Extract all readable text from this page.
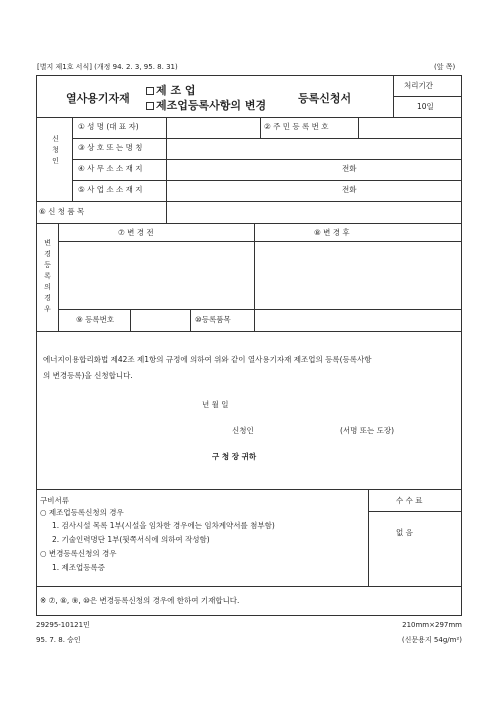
[별지 제1호 서식] (개정 94. 2. 3, 95. 8. 31)	(앞 쪽)
열사용기자재
제 조 업
제조업등록사항의 변경
등록신청서
처리기간
10일
신청인
① 성 명 (대 표 자)	② 주 민 등 록 번 호
③ 상 호 또 는 명 칭
④ 사 무 소 소 재 지	전화
⑤ 사 업 소 소 재 지	전화
⑥ 신 청 품 목
변경등록의경우
⑦ 변 경 전	⑧ 변 경 후
⑨ 등록번호	⑩등록품목
에너지이용합리화법 제42조 제1항의 규정에 의하여 위와 같이 열사용기자재 제조업의 등록(등록사항
의 변경등록)을 신청합니다.
년 월 일
신청인	(서명 또는 도장)
구 청 장 귀하
수 수 료
없 음
구비서류
○ 제조업등록신청의 경우
1. 검사시설 목록 1부(시설을 임차한 경우에는 임차계약서를 첨부함)
2. 기술인력명단 1부(뒷쪽서식에 의하여 작성함)
○ 변경등록신청의 경우
1. 제조업등록증
※ ⑦, ⑧, ⑨, ⑩은 변경등록신청의 경우에 한하여 기재합니다.
29295-10121민
95. 7. 8. 승인
210mm×297mm
(신문용지 54g/m²)
